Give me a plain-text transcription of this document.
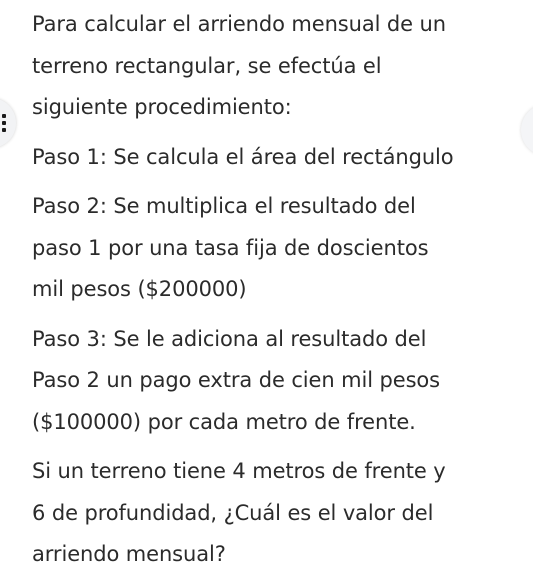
Para calcular el arriendo mensual de un
terreno rectangular, se efectúa el
siguiente procedimiento:

Paso 1: Se calcula el área del rectángulo

Paso 2: Se multiplica el resultado del
paso 1 por una tasa fija de doscientos
mil pesos ($200000)

Paso 3: Se le adiciona al resultado del
Paso 2 un pago extra de cien mil pesos
($100000) por cada metro de frente.

Si un terreno tiene 4 metros de frente y
6 de profundidad, ¿Cuál es el valor del
arriendo mensual?
